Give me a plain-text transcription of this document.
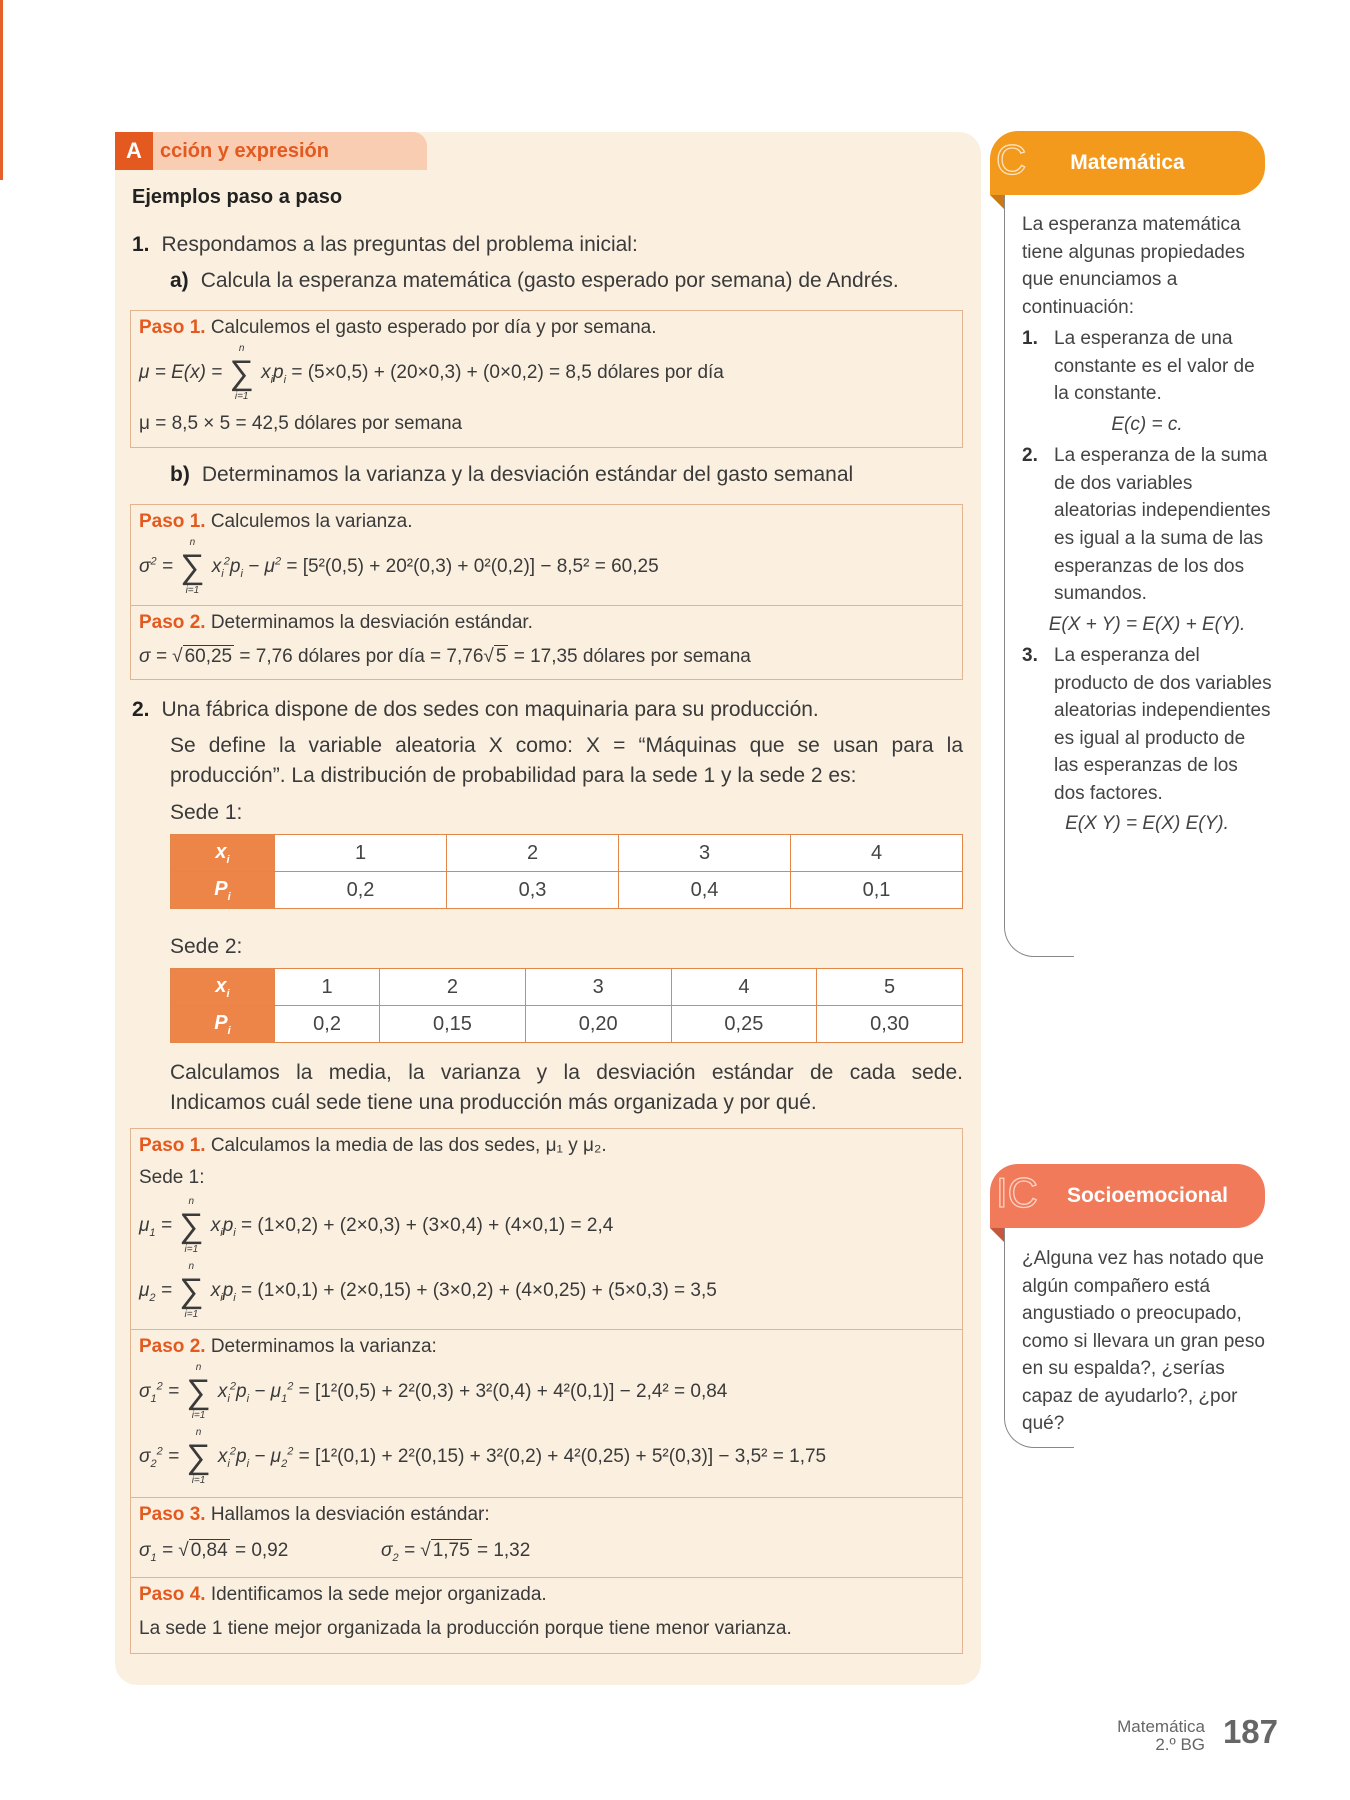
A cción y expresión
Ejemplos paso a paso
1. Respondamos a las preguntas del problema inicial:
a) Calcula la esperanza matemática (gasto esperado por semana) de Andrés.
Paso 1. Calculemos el gasto esperado por día y por semana.
μ = E(x) = ∑
n
i=1
$x_ip_i = (5\times 0,5) + (20\times 0,3) + (0\times 0,2) = 8,5$ dólares por día
μ = 8,5 × 5 = 42,5 dólares por semana
b) Determinamos la varianza y la desviación estándar del gasto semanal
Paso 1. Calculemos la varianza.
$\sigma^2$ = ∑
n
i=1
$x_i^2p_i - \mu^2 = [5^2(0,5) + 20^2(0,3) + 0^2(0,2)] - 8,5^2 = 60,25$
Paso 2. Determinamos la desviación estándar.
σ = √ 60,25 = 7,76 dólares por día = 7,76√ 5 = 17,35 dólares por semana
2. Una fábrica dispone de dos sedes con maquinaria para su producción.
Se define la variable aleatoria X como: X = “Máquinas que se usan para la
producción”. La distribución de probabilidad para la sede 1 y la sede 2 es:
Sede 1:
$x_i$	1	2	3	4
$P_i$	0,2	0,3	0,4	0,1
Sede 2:
$x_i$	1	2	3	4	5
$P_i$	0,2	0,15	0,20	0,25	0,30
Calculamos la media, la varianza y la desviación estándar de cada sede.
Indicamos cuál sede tiene una producción más organizada y por qué.
Paso 1. Calculamos la media de las dos sedes, μ₁ y μ₂.
Sede 1:
$\mu_1$ = ∑
n
i=1
$x_ip_i = (1\times 0,2) + (2\times 0,3) + (3\times 0,4) + (4\times 0,1) = 2,4$
$\mu_2$ = ∑
n
i=1
$x_ip_i = (1\times 0,1) + (2\times 0,15) + (3\times 0,2) + (4\times 0,25) + (5\times 0,3) = 3,5$
Paso 2. Determinamos la varianza:
$\sigma_1^2$ = ∑
n
i=1
$x_i^2p_i - \mu_1^2 = [1^2(0,5) + 2^2(0,3) + 3^2(0,4) + 4^2(0,1)] - 2,4^2 = 0,84$
$\sigma_2^2$ = ∑
n
i=1
$x_i^2p_i - \mu_2^2 = [1^2(0,1) + 2^2(0,15) + 3^2(0,2) + 4^2(0,25) + 5^2(0,3)] - 3,5^2 = 1,75$
Paso 3. Hallamos la desviación estándar:
$\sigma_1$ = √ 0,84 = 0,92	$\sigma_2$ = √ 1,75 = 1,32
Paso 4. Identificamos la sede mejor organizada.
La sede 1 tiene mejor organizada la producción porque tiene menor varianza.
C Matemática
La esperanza matemática tiene algunas propiedades que enunciamos a continuación:
1. La esperanza de una constante es el valor de la constante.
E(c) = c.
2. La esperanza de la suma de dos variables aleatorias independientes es igual a la suma de las esperanzas de los dos sumandos.
E(X + Y) = E(X) + E(Y).
3. La esperanza del producto de dos variables aleatorias independientes es igual al producto de las esperanzas de los dos factores.
E(X Y) = E(X) E(Y).
IC Socioemocional
¿Alguna vez has notado que algún compañero está angustiado o preocupado, como si llevara un gran peso en su espalda?, ¿serías capaz de ayudarlo?, ¿por qué?
Matemática
2.º BG 187
